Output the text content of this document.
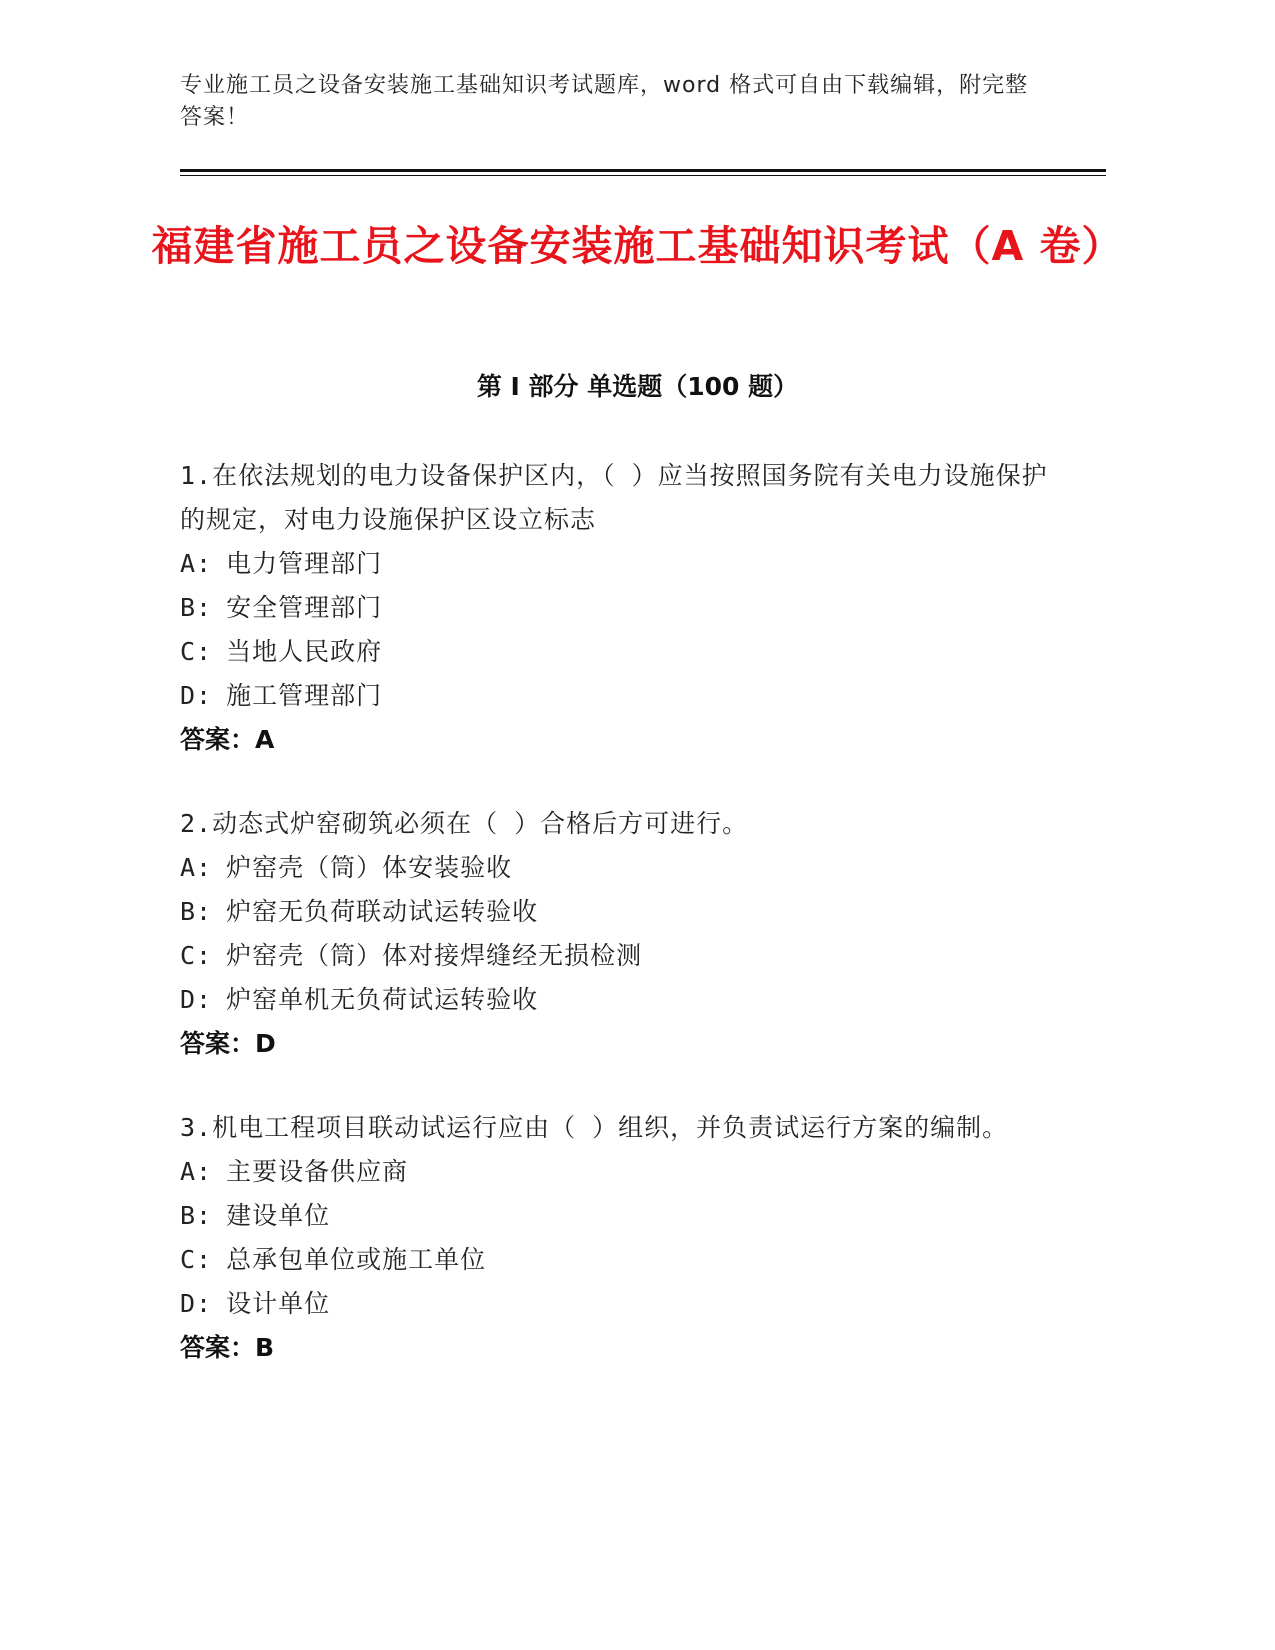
专业施工员之设备安装施工基础知识考试题库，word 格式可自由下载编辑，附完整答案！
福建省施工员之设备安装施工基础知识考试（A 卷）
第 I 部分 单选题（100 题）
1.在依法规划的电力设备保护区内，（ ）应当按照国务院有关电力设施保护的规定，对电力设施保护区设立标志
A: 电力管理部门
B: 安全管理部门
C: 当地人民政府
D: 施工管理部门
答案：A
2.动态式炉窑砌筑必须在（ ）合格后方可进行。
A: 炉窑壳（筒）体安装验收
B: 炉窑无负荷联动试运转验收
C: 炉窑壳（筒）体对接焊缝经无损检测
D: 炉窑单机无负荷试运转验收
答案：D
3.机电工程项目联动试运行应由（ ）组织，并负责试运行方案的编制。
A: 主要设备供应商
B: 建设单位
C: 总承包单位或施工单位
D: 设计单位
答案：B
